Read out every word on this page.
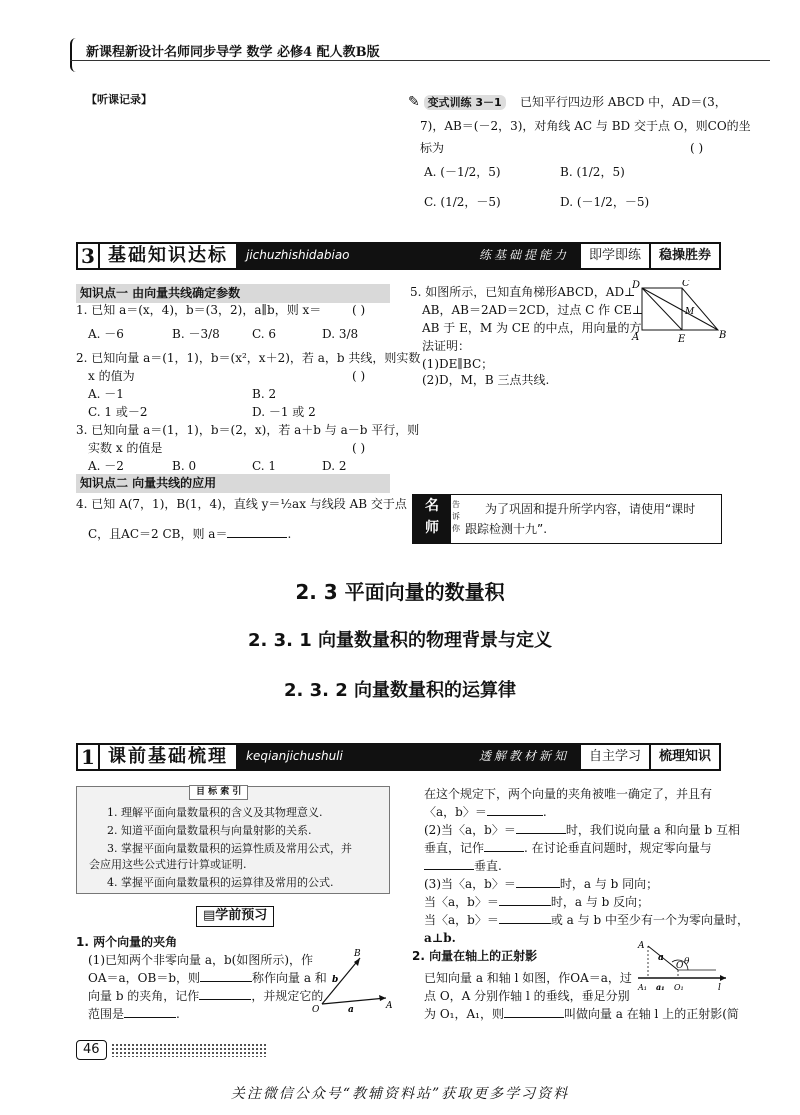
新课程新设计名师同步导学 数学 必修4 配人教B版
【听课记录】	✎ 变式训练 3－1	已知平行四边形 ABCD 中，AD＝(3，
7)，AB＝(－2，3)，对角线 AC 与 BD 交于点 O，则CO的坐
标为	( )
A. (－1/2，5)	B. (1/2，5)
C. (1/2，－5)	D. (－1/2，－5)
3 基础知识达标	jichuzhishidabiao	练基础提能力	即学即练	稳操胜券
知识点一 由向量共线确定参数
1. 已知 a＝(x，4)，b＝(3，2)，a∥b，则 x＝	( )
A. －6	B. －3/8	C. 6	D. 3/8
2. 已知向量 a＝(1，1)，b＝(x²，x＋2)，若 a，b 共线，则实数
x 的值为	( )
A. －1	B. 2
C. 1 或－2	D. －1 或 2
3. 已知向量 a＝(1，1)，b＝(2，x)，若 a＋b 与 a－b 平行，则
实数 x 的值是	( )
A. －2	B. 0	C. 1	D. 2
知识点二 向量共线的应用
4. 已知 A(7，1)，B(1，4)，直线 y＝½ax 与线段 AB 交于点
C，且AC＝2 CB，则 a＝	.
5. 如图所示，已知直角梯形ABCD，AD⊥
AB，AB＝2AD＝2CD，过点 C 作 CE⊥
AB 于 E，M 为 CE 的中点，用向量的方
法证明：
(1)DE∥BC；
(2)D，M，B 三点共线.
D	C
M
A	E	B
名
师
告诉你
为了巩固和提升所学内容，请使用“课时
跟踪检测十九”.
2. 3 平面向量的数量积
2. 3. 1 向量数量积的物理背景与定义
2. 3. 2 向量数量积的运算律
1 课前基础梳理	keqianjichushuli	透解教材新知	自主学习	梳理知识
目 标 索 引
1. 理解平面向量数量积的含义及其物理意义.
2. 知道平面向量数量积与向量射影的关系.
3. 掌握平面向量数量积的运算性质及常用公式，并
会应用这些公式进行计算或证明.
4. 掌握平面向量数量积的运算律及常用的公式.
▤学前预习
1. 两个向量的夹角
(1)已知两个非零向量 a，b(如图所示)，作
OA＝a，OB＝b，则	称作向量 a 和
向量 b 的夹角，记作	，并规定它的
范围是	.
B
b
O	a	A
在这个规定下，两个向量的夹角被唯一确定了，并且有
〈a，b〉＝	.
(2)当〈a，b〉＝	时，我们说向量 a 和向量 b 互相
垂直，记作	. 在讨论垂直问题时，规定零向量与
垂直.
(3)当〈a，b〉＝	时，a 与 b 同向；
当〈a，b〉＝	时，a 与 b 反向；
当〈a，b〉＝	或 a 与 b 中至少有一个为零向量时，
a⊥b.
2. 向量在轴上的正射影
已知向量 a 和轴 l 如图，作OA＝a，过
点 O，A 分别作轴 l 的垂线，垂足分别
为 O₁，A₁，则	叫做向量 a 在轴 l 上的正射影(简
A
a θ
O
A₁ a₁ O₁	l
46
关注微信公众号“教辅资料站”获取更多学习资料
